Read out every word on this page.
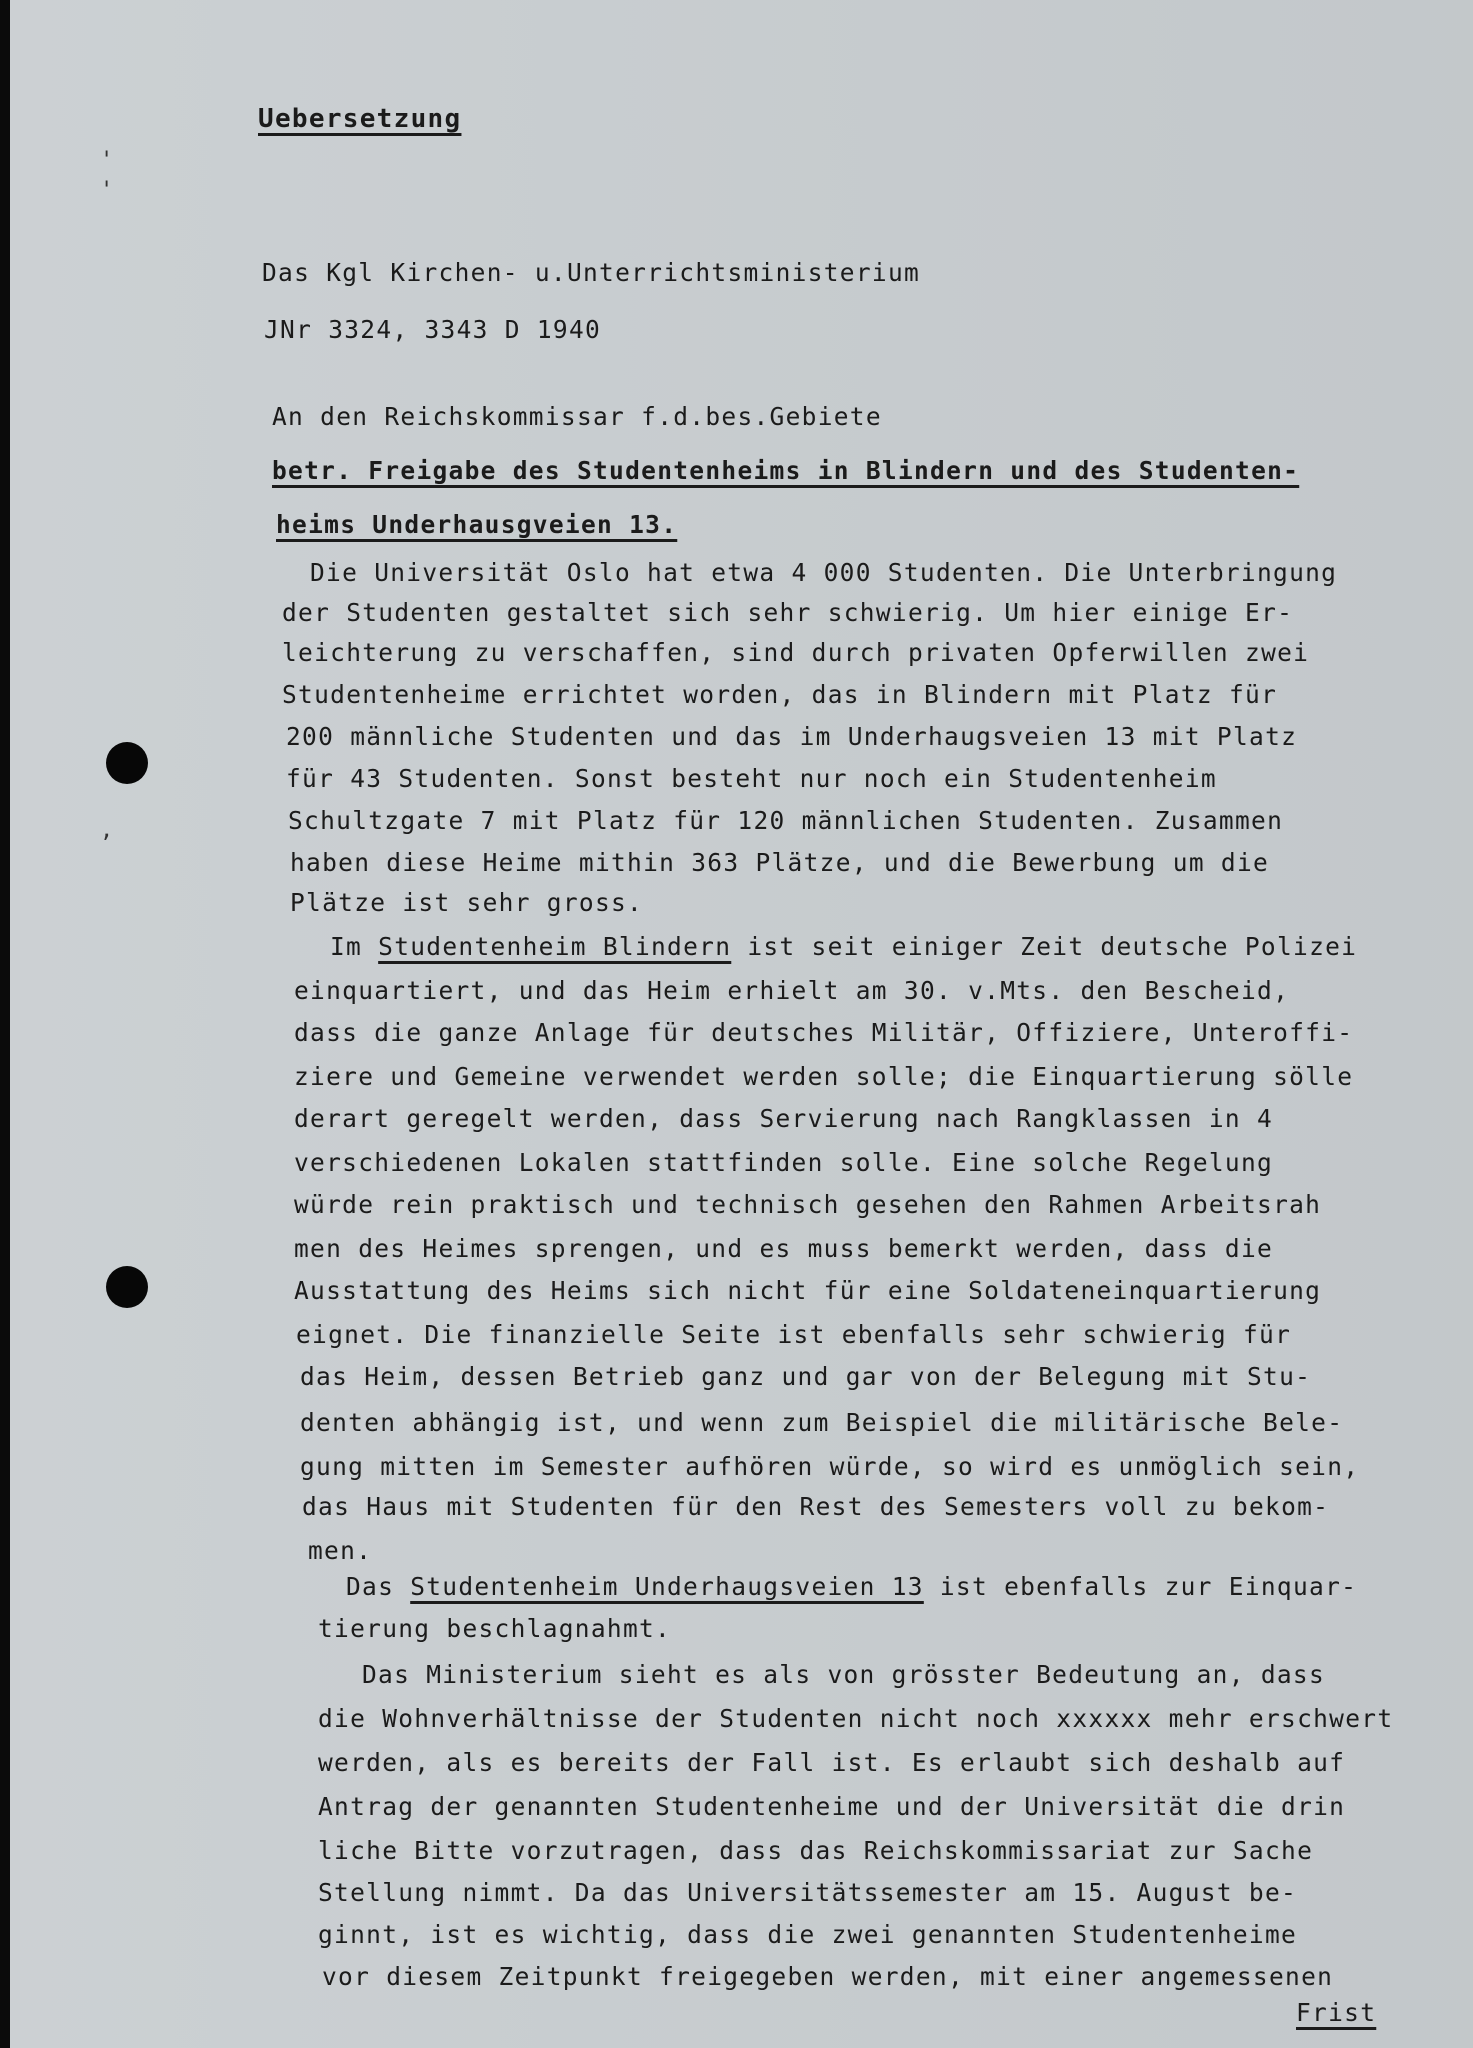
'
'
,

Uebersetzung

Das Kgl Kirchen- u.Unterrichtsministerium

JNr 3324, 3343 D 1940

An den Reichskommissar f.d.bes.Gebiete

betr. Freigabe des Studentenheims in Blindern und des Studenten-

heims Underhausgveien 13.

Die Universität Oslo hat etwa 4 000 Studenten. Die Unterbringung

der Studenten gestaltet sich sehr schwierig. Um hier einige Er-

leichterung zu verschaffen, sind durch privaten Opferwillen zwei

Studentenheime errichtet worden, das in Blindern mit Platz für

200 männliche Studenten und das im Underhaugsveien 13 mit Platz

für 43 Studenten. Sonst besteht nur noch ein Studentenheim

Schultzgate 7 mit Platz für 120 männlichen Studenten. Zusammen

haben diese Heime mithin 363 Plätze, und die Bewerbung um die

Plätze ist sehr gross.

Im Studentenheim Blindern ist seit einiger Zeit deutsche Polizei

einquartiert, und das Heim erhielt am 30. v.Mts. den Bescheid,

dass die ganze Anlage für deutsches Militär, Offiziere, Unteroffi-

ziere und Gemeine verwendet werden solle; die Einquartierung sölle

derart geregelt werden, dass Servierung nach Rangklassen in 4

verschiedenen Lokalen stattfinden solle. Eine solche Regelung

würde rein praktisch und technisch gesehen den Rahmen Arbeitsrah

men des Heimes sprengen, und es muss bemerkt werden, dass die

Ausstattung des Heims sich nicht für eine Soldateneinquartierung

eignet. Die finanzielle Seite ist ebenfalls sehr schwierig für

das Heim, dessen Betrieb ganz und gar von der Belegung mit Stu-

denten abhängig ist, und wenn zum Beispiel die militärische Bele-

gung mitten im Semester aufhören würde, so wird es unmöglich sein,

das Haus mit Studenten für den Rest des Semesters voll zu bekom-

men.

Das Studentenheim Underhaugsveien 13 ist ebenfalls zur Einquar-

tierung beschlagnahmt.

Das Ministerium sieht es als von grösster Bedeutung an, dass

die Wohnverhältnisse der Studenten nicht noch xxxxxx mehr erschwert

werden, als es bereits der Fall ist. Es erlaubt sich deshalb auf

Antrag der genannten Studentenheime und der Universität die drin

liche Bitte vorzutragen, dass das Reichskommissariat zur Sache

Stellung nimmt. Da das Universitätssemester am 15. August be-

ginnt, ist es wichtig, dass die zwei genannten Studentenheime

vor diesem Zeitpunkt freigegeben werden, mit einer angemessenen

Frist
